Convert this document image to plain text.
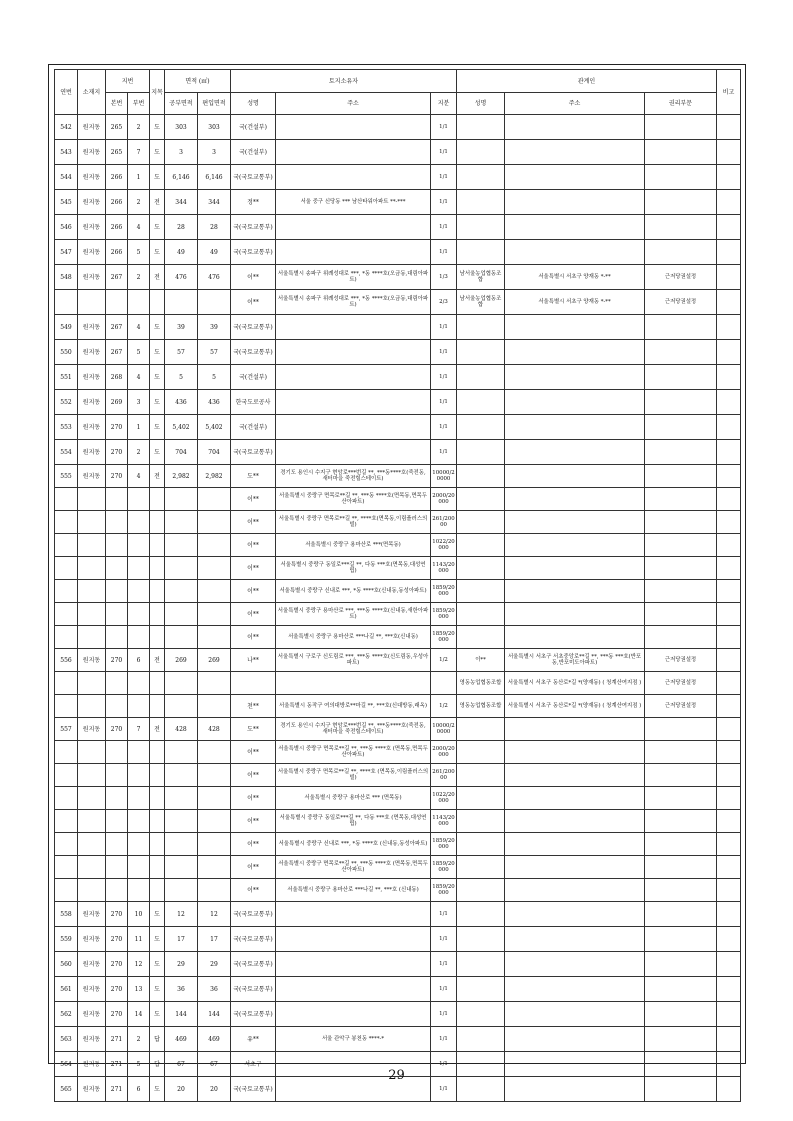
연번	소재지	지번		지목	면적 (㎡)		토지소유자			관계인			비고
		본번	부번		공부면적	편입면적	성명	주소	지분	성명	주소	권리부문	
542	원지동	265	2	도	303	303	국(건설부)		1/1				
543	원지동	265	7	도	3	3	국(건설부)		1/1				
544	원지동	266	1	도	6,146	6,146	국(국토교통부)		1/1				
545	원지동	266	2	전	344	344	정**	서울 중구 신당동 *** 남산타워아파트 **-***	1/1				
546	원지동	266	4	도	28	28	국(국토교통부)		1/1				
547	원지동	266	5	도	49	49	국(국토교통부)		1/1				
548	원지동	267	2	전	476	476	이**	서울특별시 송파구 위례성대로 ***, *동 ****호(오금동,대림아파트)	1/3	남서울농업협동조합	서울특별시 서초구 양재동 *-**	근저당권설정	
							이**	서울특별시 송파구 위례성대로 ***, *동 ****호(오금동,대림아파트)	2/3	남서울농업협동조합	서울특별시 서초구 양재동 *-**	근저당권설정	
549	원지동	267	4	도	39	39	국(국토교통부)		1/1				
550	원지동	267	5	도	57	57	국(국토교통부)		1/1				
551	원지동	268	4	도	5	5	국(건설부)		1/1				
552	원지동	269	3	도	436	436	한국도로공사		1/1				
553	원지동	270	1	도	5,402	5,402	국(건설부)		1/1				
554	원지동	270	2	도	704	704	국(국토교통부)		1/1				
555	원지동	270	4	전	2,982	2,982	도**	경기도 용인시 수지구 현암로***번길 **, ***동****호(죽전동, 새터마을 죽전힐스테이트)	10000/20000				
							이**	서울특별시 중랑구 면목로**길 **, ***동 ****호(면목동,면목두산아파트)	2000/20000				
							이**	서울특별시 중랑구 면목로**길 **, ****호(면목동,이림플러스의빌)	261/20000				
							이**	서울특별시 중랑구 용마산로 ***(면목동)	1022/20000				
							이**	서울특별시 중랑구 동일로***길 **, 다동 ***호(면목동,대성연립)	1143/20000				
							이**	서울특별시 중랑구 신내로 ***, *동 ****호(신내동,동성아파트)	1859/20000				
							이**	서울특별시 중랑구 용마산로 ***, ***동 ****호(신내동,새한아파트)	1859/20000				
							이**	서울특별시 중랑구 용마산로 ***나길 **, ***호(신내동)	1859/20000				
556	원지동	270	6	전	269	269	나**	서울특별시 구로구 신도림로 ***, ***동 ****호(신도림동,우성아파트)	1/2	이**	서울특별시 서초구 서초중앙로**길 **, ***동 ***호(반포동,반포미도아파트)	근저당권설정	
										영동농업협동조합	서울특별시 서초구 동산로*길 *(양재동) ( 청계산여지점 )	근저당권설정	
							천**	서울특별시 동작구 여의대방로**마길 **, ***호(신대방동,래옥)	1/2	영동농업협동조합	서울특별시 서초구 동산로*길 *(양재동) ( 청계산여지점 )	근저당권설정	
557	원지동	270	7	전	428	428	도**	경기도 용인시 수지구 현암로***번길 **, ***동****호(죽전동, 새터마을 죽전힐스테이트)	10000/20000				
							이**	서울특별시 중랑구 면목로**길 **, ***동 ****호 (면목동,면목두산아파트)	2000/20000				
							이**	서울특별시 중랑구 면목로**길 **, ****호 (면목동,이림플러스의빌)	261/20000				
							이**	서울특별시 중랑구 용마산로 *** (면목동)	1022/20000				
							이**	서울특별시 중랑구 동일로***길 **, 다동 ***호 (면목동,대성연립)	1143/20000				
							이**	서울특별시 중랑구 신내로 ***, *동 ****호 (신내동,동성아파트)	1859/20000				
							이**	서울특별시 중랑구 면목로**길 **, ***동 ****호 (면목동,면목두산아파트)	1859/20000				
							이**	서울특별시 중랑구 용마산로 ***나길 **, ***호 (신내동)	1859/20000				
558	원지동	270	10	도	12	12	국(국토교통부)		1/1				
559	원지동	270	11	도	17	17	국(국토교통부)		1/1				
560	원지동	270	12	도	29	29	국(국토교통부)		1/1				
561	원지동	270	13	도	36	36	국(국토교통부)		1/1				
562	원지동	270	14	도	144	144	국(국토교통부)		1/1				
563	원지동	271	2	답	469	469	유**	서울 관악구 봉천동 ****-*	1/1				
564	원지동	271	5	답	67	67	서초구		1/1				
565	원지동	271	6	도	20	20	국(국토교통부)		1/1				
29
